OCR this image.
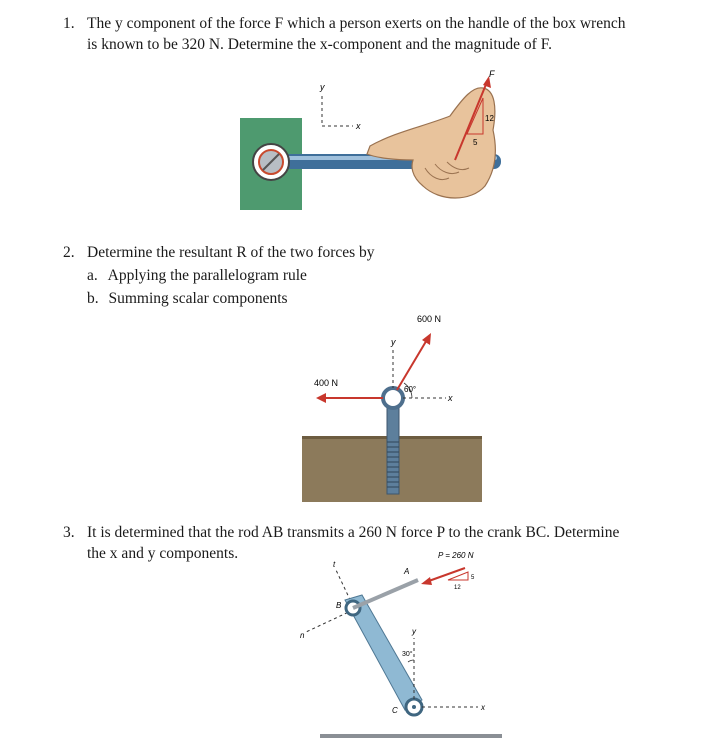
1. The y component of the force F which a person exerts on the handle of the box wrench
is known to be 320 N. Determine the x-component and the magnitude of F.
y
x
F
12
5
2. Determine the resultant R of the two forces by
a. Applying the parallelogram rule
b. Summing scalar components
y
x
600 N
400 N
60°
3. It is determined that the rod AB transmits a 260 N force P to the crank BC. Determine
the x and y components.
t
n
B
C
A
P = 260 N
5
12
y
x
30°
